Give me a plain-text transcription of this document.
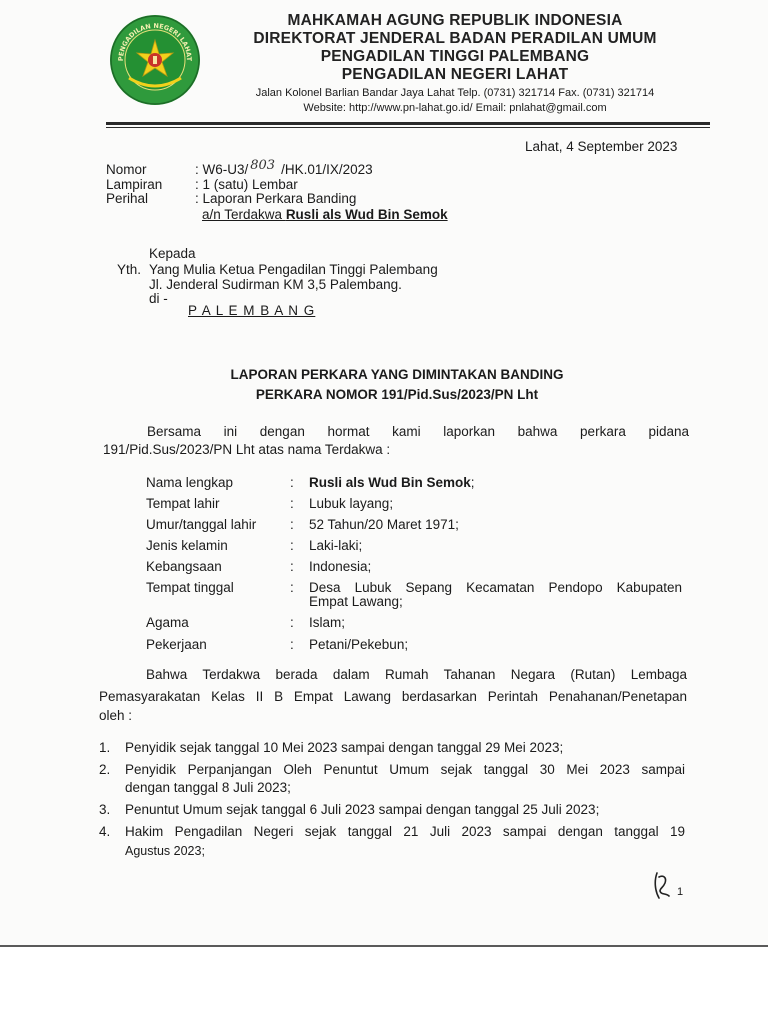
PENGADILAN NEGERI LAHAT
MAHKAMAH AGUNG REPUBLIK INDONESIA
DIREKTORAT JENDERAL BADAN PERADILAN UMUM
PENGADILAN TINGGI PALEMBANG
PENGADILAN NEGERI LAHAT
Jalan Kolonel Barlian Bandar Jaya Lahat Telp. (0731) 321714 Fax. (0731) 321714
Website: http://www.pn-lahat.go.id/ Email: pnlahat@gmail.com
Lahat, 4 September 2023
Nomor	: W6-U3/ 803 /HK.01/IX/2023
Lampiran : 1 (satu) Lembar
Perihal	: Laporan Perkara Banding
a/n Terdakwa Rusli als Wud Bin Semok
Kepada
Yth. Yang Mulia Ketua Pengadilan Tinggi Palembang
Jl. Jenderal Sudirman KM 3,5 Palembang.
di -
P A L E M B A N G
LAPORAN PERKARA YANG DIMINTAKAN BANDING
PERKARA NOMOR 191/Pid.Sus/2023/PN Lht
Bersama ini dengan hormat kami laporkan bahwa perkara pidana
191/Pid.Sus/2023/PN Lht atas nama Terdakwa :
Nama lengkap	: Rusli als Wud Bin Semok;
Tempat lahir	: Lubuk layang;
Umur/tanggal lahir : 52 Tahun/20 Maret 1971;
Jenis kelamin	: Laki-laki;
Kebangsaan	: Indonesia;
Tempat tinggal	: Desa Lubuk Sepang Kecamatan Pendopo Kabupaten
Empat Lawang;
Agama	: Islam;
Pekerjaan	: Petani/Pekebun;
Bahwa Terdakwa berada dalam Rumah Tahanan Negara (Rutan) Lembaga
Pemasyarakatan Kelas II B Empat Lawang berdasarkan Perintah Penahanan/Penetapan
oleh :
1. Penyidik sejak tanggal 10 Mei 2023 sampai dengan tanggal 29 Mei 2023;
2. Penyidik Perpanjangan Oleh Penuntut Umum sejak tanggal 30 Mei 2023 sampai
dengan tanggal 8 Juli 2023;
3. Penuntut Umum sejak tanggal 6 Juli 2023 sampai dengan tanggal 25 Juli 2023;
4. Hakim Pengadilan Negeri sejak tanggal 21 Juli 2023 sampai dengan tanggal 19
Agustus 2023;
1
